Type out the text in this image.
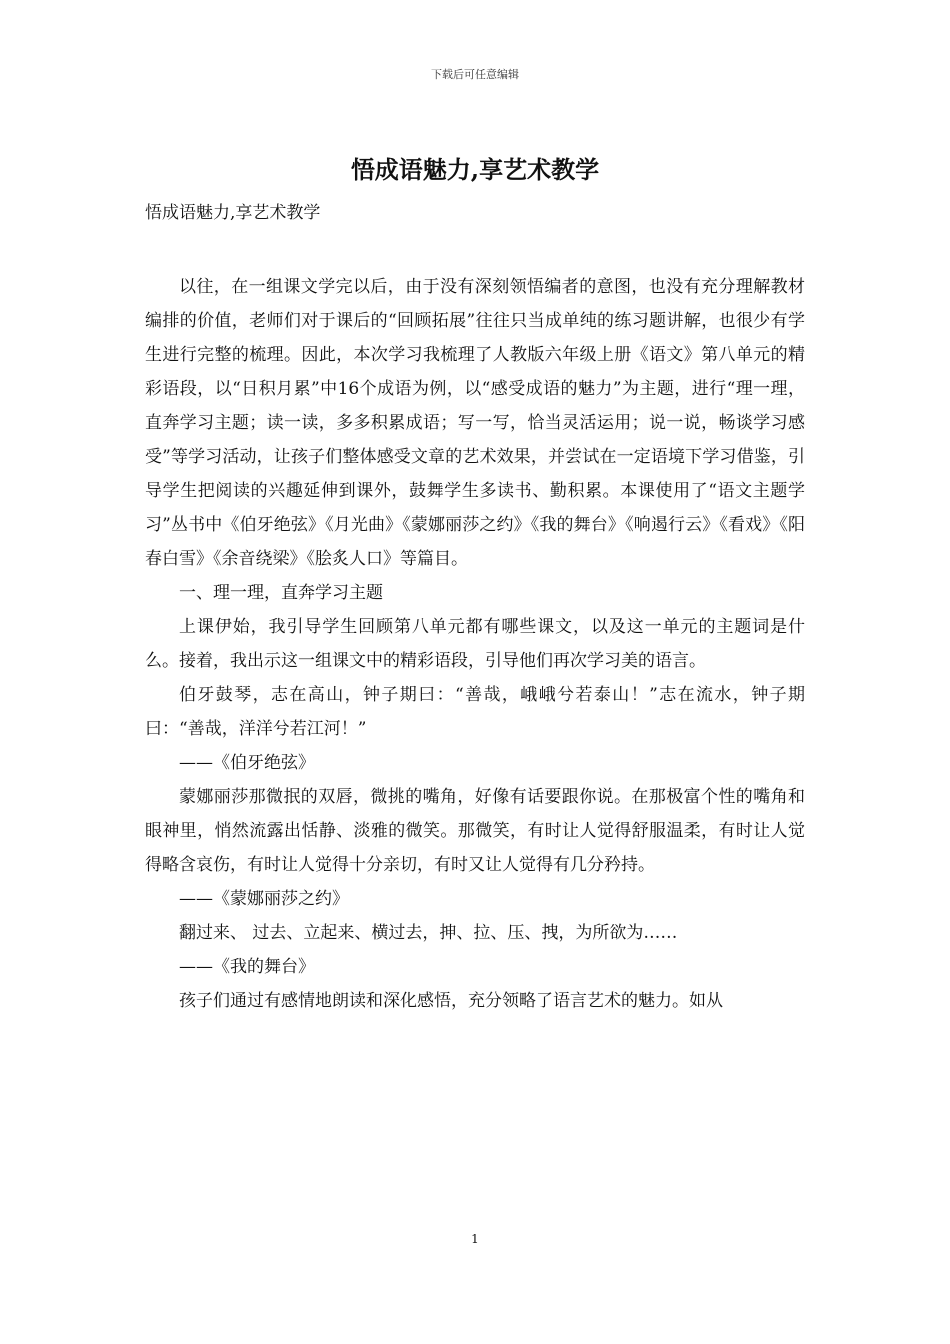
下载后可任意编辑
悟成语魅力,享艺术教学

悟成语魅力,享艺术教学

以往，在一组课文学完以后，由于没有深刻领悟编者的意图，也没有充分理解教材编排的价值，老师们对于课后的“回顾拓展”往往只当成单纯的练习题讲解，也很少有学生进行完整的梳理。因此，本次学习我梳理了人教版六年级上册《语文》第八单元的精彩语段，以“日积月累”中16个成语为例，以“感受成语的魅力”为主题，进行“理一理，直奔学习主题；读一读，多多积累成语；写一写，恰当灵活运用；说一说，畅谈学习感受”等学习活动，让孩子们整体感受文章的艺术效果，并尝试在一定语境下学习借鉴，引导学生把阅读的兴趣延伸到课外，鼓舞学生多读书、勤积累。本课使用了“语文主题学习”丛书中《伯牙绝弦》《月光曲》《蒙娜丽莎之约》《我的舞台》《响遏行云》《看戏》《阳春白雪》《余音绕梁》《脍炙人口》等篇目。

一、理一理，直奔学习主题

上课伊始，我引导学生回顾第八单元都有哪些课文，以及这一单元的主题词是什么。接着，我出示这一组课文中的精彩语段，引导他们再次学习美的语言。

伯牙鼓琴，志在高山，钟子期曰：“善哉，峨峨兮若泰山！”志在流水，钟子期曰：“善哉，洋洋兮若江河！”

——《伯牙绝弦》

蒙娜丽莎那微抿的双唇，微挑的嘴角，好像有话要跟你说。在那极富个性的嘴角和眼神里，悄然流露出恬静、淡雅的微笑。那微笑，有时让人觉得舒服温柔，有时让人觉得略含哀伤，有时让人觉得十分亲切，有时又让人觉得有几分矜持。

——《蒙娜丽莎之约》

翻过来、 过去、立起来、横过去，抻、拉、压、拽，为所欲为……

——《我的舞台》

孩子们通过有感情地朗读和深化感悟，充分领略了语言艺术的魅力。如从

1
